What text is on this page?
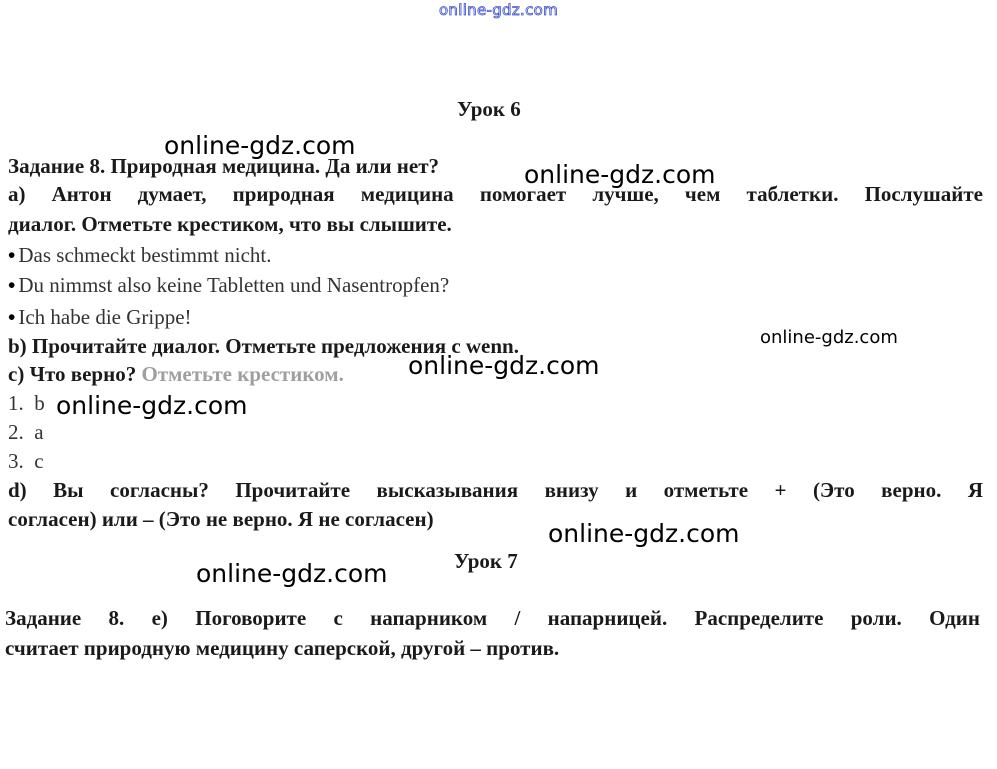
online-gdz.com
Урок 6
Задание 8. Природная медицина. Да или нет?
а) Антон думает, природная медицина помогает лучше, чем таблетки. Послушайте
диалог. Отметьте крестиком, что вы слышите.
• Das schmeckt bestimmt nicht.
• Du nimmst also keine Tabletten und Nasentropfen?
• Ich habe die Grippe!
b) Прочитайте диалог. Отметьте предложения с wenn.
с) Что верно? Отметьте крестиком.
1. b
2. a
3. c
d) Вы согласны? Прочитайте высказывания внизу и отметьте + (Это верно. Я
согласен) или – (Это не верно. Я не согласен)
Урок 7
Задание 8. е) Поговорите с напарником / напарницей. Распределите роли. Один
считает природную медицину саперской, другой – против.
online-gdz.com
online-gdz.com
online-gdz.com
online-gdz.com
online-gdz.com
online-gdz.com
online-gdz.com
